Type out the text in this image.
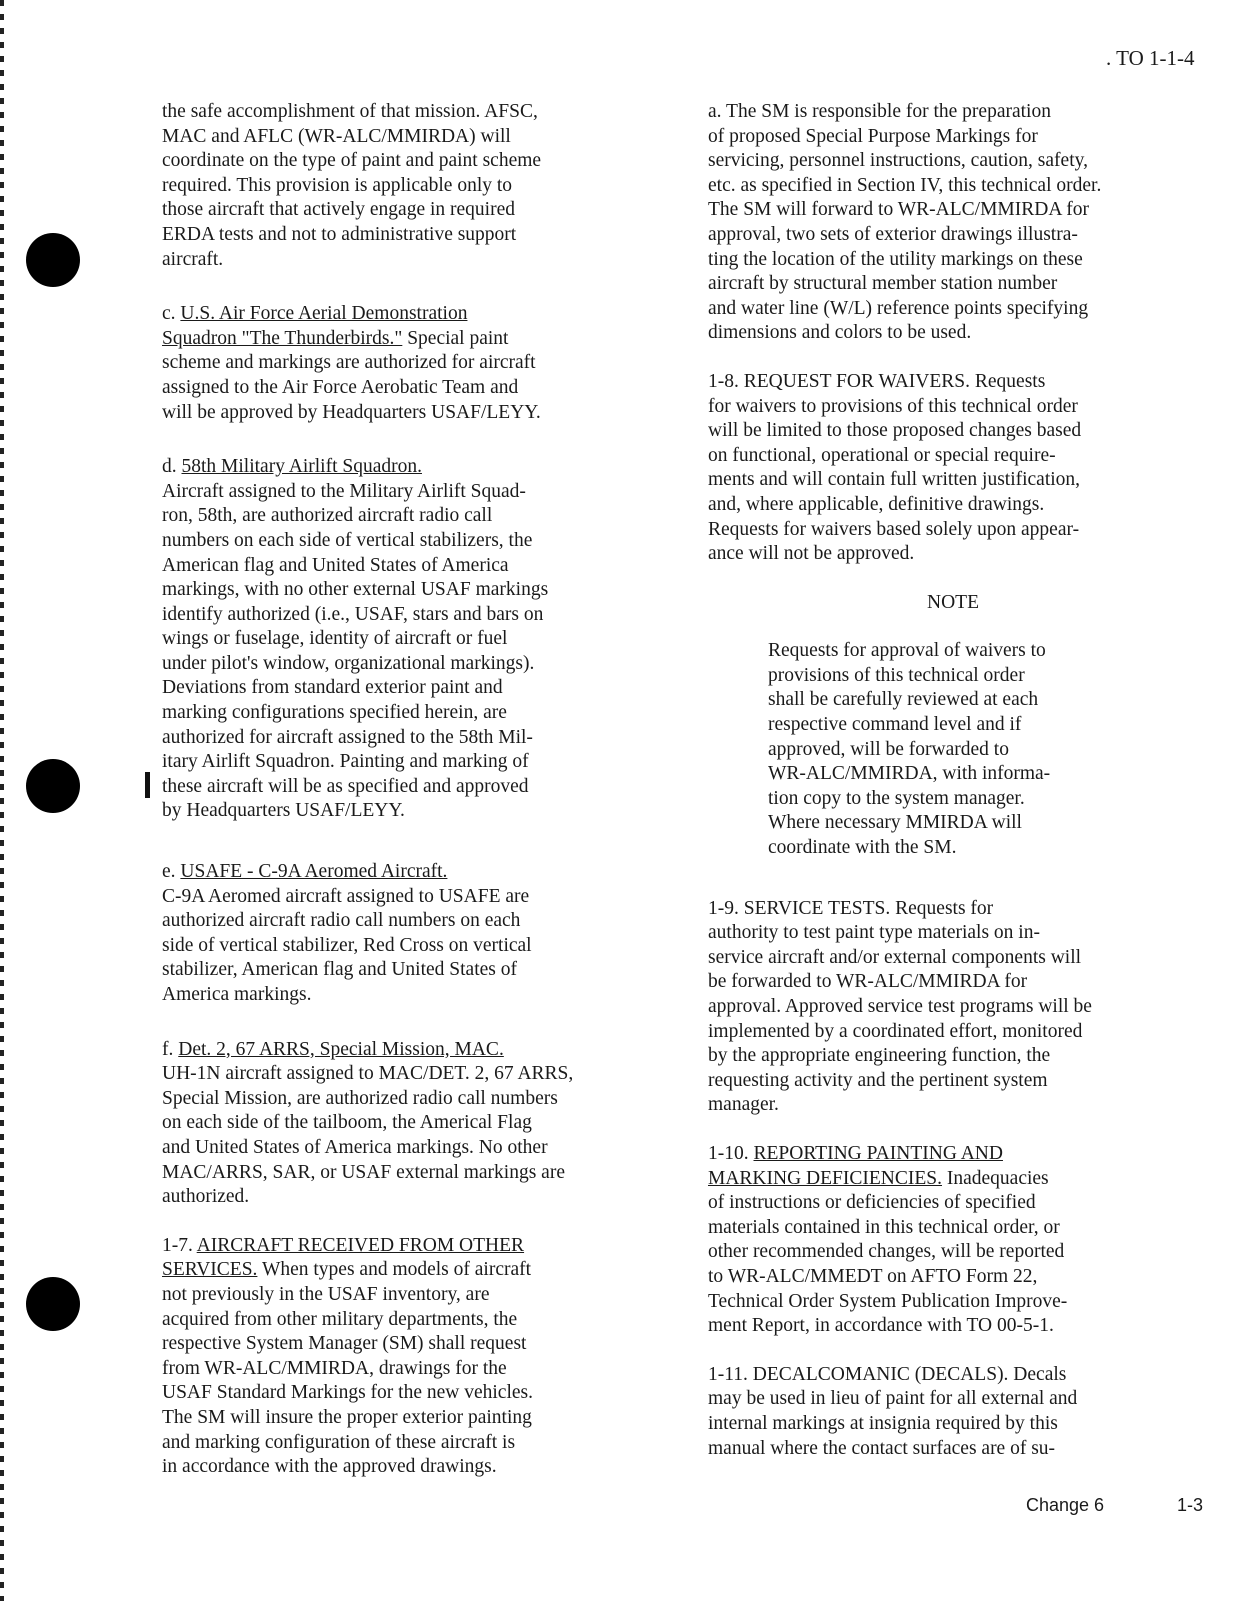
. TO 1-1-4

the safe accomplishment of that mission. AFSC,
MAC and AFLC (WR-ALC/MMIRDA) will
coordinate on the type of paint and paint scheme
required. This provision is applicable only to
those aircraft that actively engage in required
ERDA tests and not to administrative support
aircraft.

c. U.S. Air Force Aerial Demonstration
Squadron "The Thunderbirds." Special paint
scheme and markings are authorized for aircraft
assigned to the Air Force Aerobatic Team and
will be approved by Headquarters USAF/LEYY.

d. 58th Military Airlift Squadron.
Aircraft assigned to the Military Airlift Squad-
ron, 58th, are authorized aircraft radio call
numbers on each side of vertical stabilizers, the
American flag and United States of America
markings, with no other external USAF markings
identify authorized (i.e., USAF, stars and bars on
wings or fuselage, identity of aircraft or fuel
under pilot's window, organizational markings).
Deviations from standard exterior paint and
marking configurations specified herein, are
authorized for aircraft assigned to the 58th Mil-
itary Airlift Squadron. Painting and marking of
these aircraft will be as specified and approved
by Headquarters USAF/LEYY.

e. USAFE - C-9A Aeromed Aircraft.
C-9A Aeromed aircraft assigned to USAFE are
authorized aircraft radio call numbers on each
side of vertical stabilizer, Red Cross on vertical
stabilizer, American flag and United States of
America markings.

f. Det. 2, 67 ARRS, Special Mission, MAC.
UH-1N aircraft assigned to MAC/DET. 2, 67 ARRS,
Special Mission, are authorized radio call numbers
on each side of the tailboom, the Americal Flag
and United States of America markings. No other
MAC/ARRS, SAR, or USAF external markings are
authorized.

1-7. AIRCRAFT RECEIVED FROM OTHER
SERVICES. When types and models of aircraft
not previously in the USAF inventory, are
acquired from other military departments, the
respective System Manager (SM) shall request
from WR-ALC/MMIRDA, drawings for the
USAF Standard Markings for the new vehicles.
The SM will insure the proper exterior painting
and marking configuration of these aircraft is
in accordance with the approved drawings.

a. The SM is responsible for the preparation
of proposed Special Purpose Markings for
servicing, personnel instructions, caution, safety,
etc. as specified in Section IV, this technical order.
The SM will forward to WR-ALC/MMIRDA for
approval, two sets of exterior drawings illustra-
ting the location of the utility markings on these
aircraft by structural member station number
and water line (W/L) reference points specifying
dimensions and colors to be used.

1-8. REQUEST FOR WAIVERS. Requests
for waivers to provisions of this technical order
will be limited to those proposed changes based
on functional, operational or special require-
ments and will contain full written justification,
and, where applicable, definitive drawings.
Requests for waivers based solely upon appear-
ance will not be approved.

NOTE

Requests for approval of waivers to
provisions of this technical order
shall be carefully reviewed at each
respective command level and if
approved, will be forwarded to
WR-ALC/MMIRDA, with informa-
tion copy to the system manager.
Where necessary MMIRDA will
coordinate with the SM.

1-9. SERVICE TESTS. Requests for
authority to test paint type materials on in-
service aircraft and/or external components will
be forwarded to WR-ALC/MMIRDA for
approval. Approved service test programs will be
implemented by a coordinated effort, monitored
by the appropriate engineering function, the
requesting activity and the pertinent system
manager.

1-10. REPORTING PAINTING AND
MARKING DEFICIENCIES. Inadequacies
of instructions or deficiencies of specified
materials contained in this technical order, or
other recommended changes, will be reported
to WR-ALC/MMEDT on AFTO Form 22,
Technical Order System Publication Improve-
ment Report, in accordance with TO 00-5-1.

1-11. DECALCOMANIC (DECALS). Decals
may be used in lieu of paint for all external and
internal markings at insignia required by this
manual where the contact surfaces are of su-

Change 6	1-3
